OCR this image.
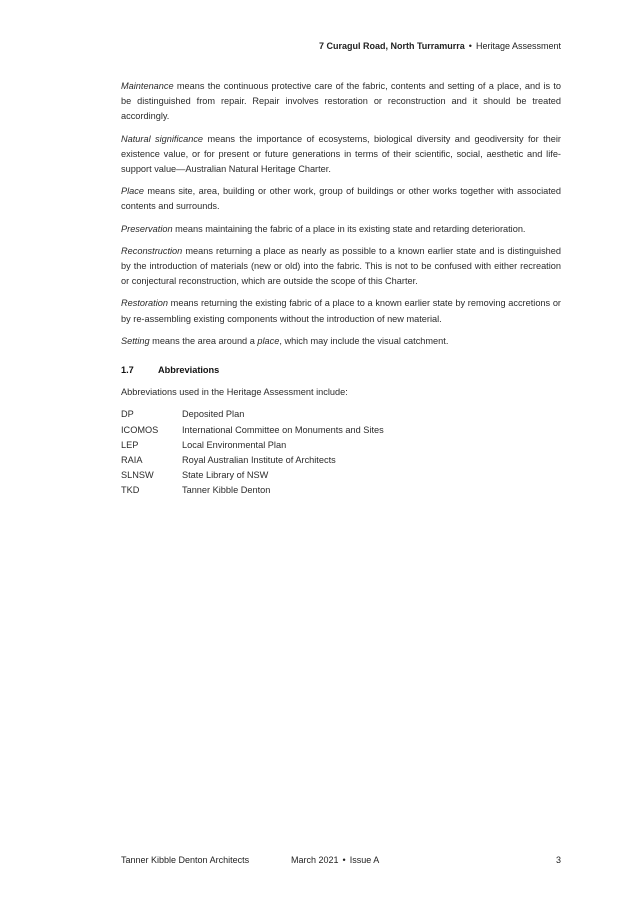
7 Curagul Road, North Turramurra • Heritage Assessment

Maintenance means the continuous protective care of the fabric, contents and setting of a place, and is to be distinguished from repair. Repair involves restoration or reconstruction and it should be treated accordingly.

Natural significance means the importance of ecosystems, biological diversity and geodiversity for their existence value, or for present or future generations in terms of their scientific, social, aesthetic and life-support value—Australian Natural Heritage Charter.

Place means site, area, building or other work, group of buildings or other works together with associated contents and surrounds.

Preservation means maintaining the fabric of a place in its existing state and retarding deterioration.

Reconstruction means returning a place as nearly as possible to a known earlier state and is distinguished by the introduction of materials (new or old) into the fabric. This is not to be confused with either recreation or conjectural reconstruction, which are outside the scope of this Charter.

Restoration means returning the existing fabric of a place to a known earlier state by removing accretions or by re-assembling existing components without the introduction of new material.

Setting means the area around a place, which may include the visual catchment.

1.7	Abbreviations

Abbreviations used in the Heritage Assessment include:

DP	Deposited Plan
ICOMOS	International Committee on Monuments and Sites
LEP	Local Environmental Plan
RAIA	Royal Australian Institute of Architects
SLNSW	State Library of NSW
TKD	Tanner Kibble Denton
Tanner Kibble Denton Architects	March 2021 • Issue A	3
